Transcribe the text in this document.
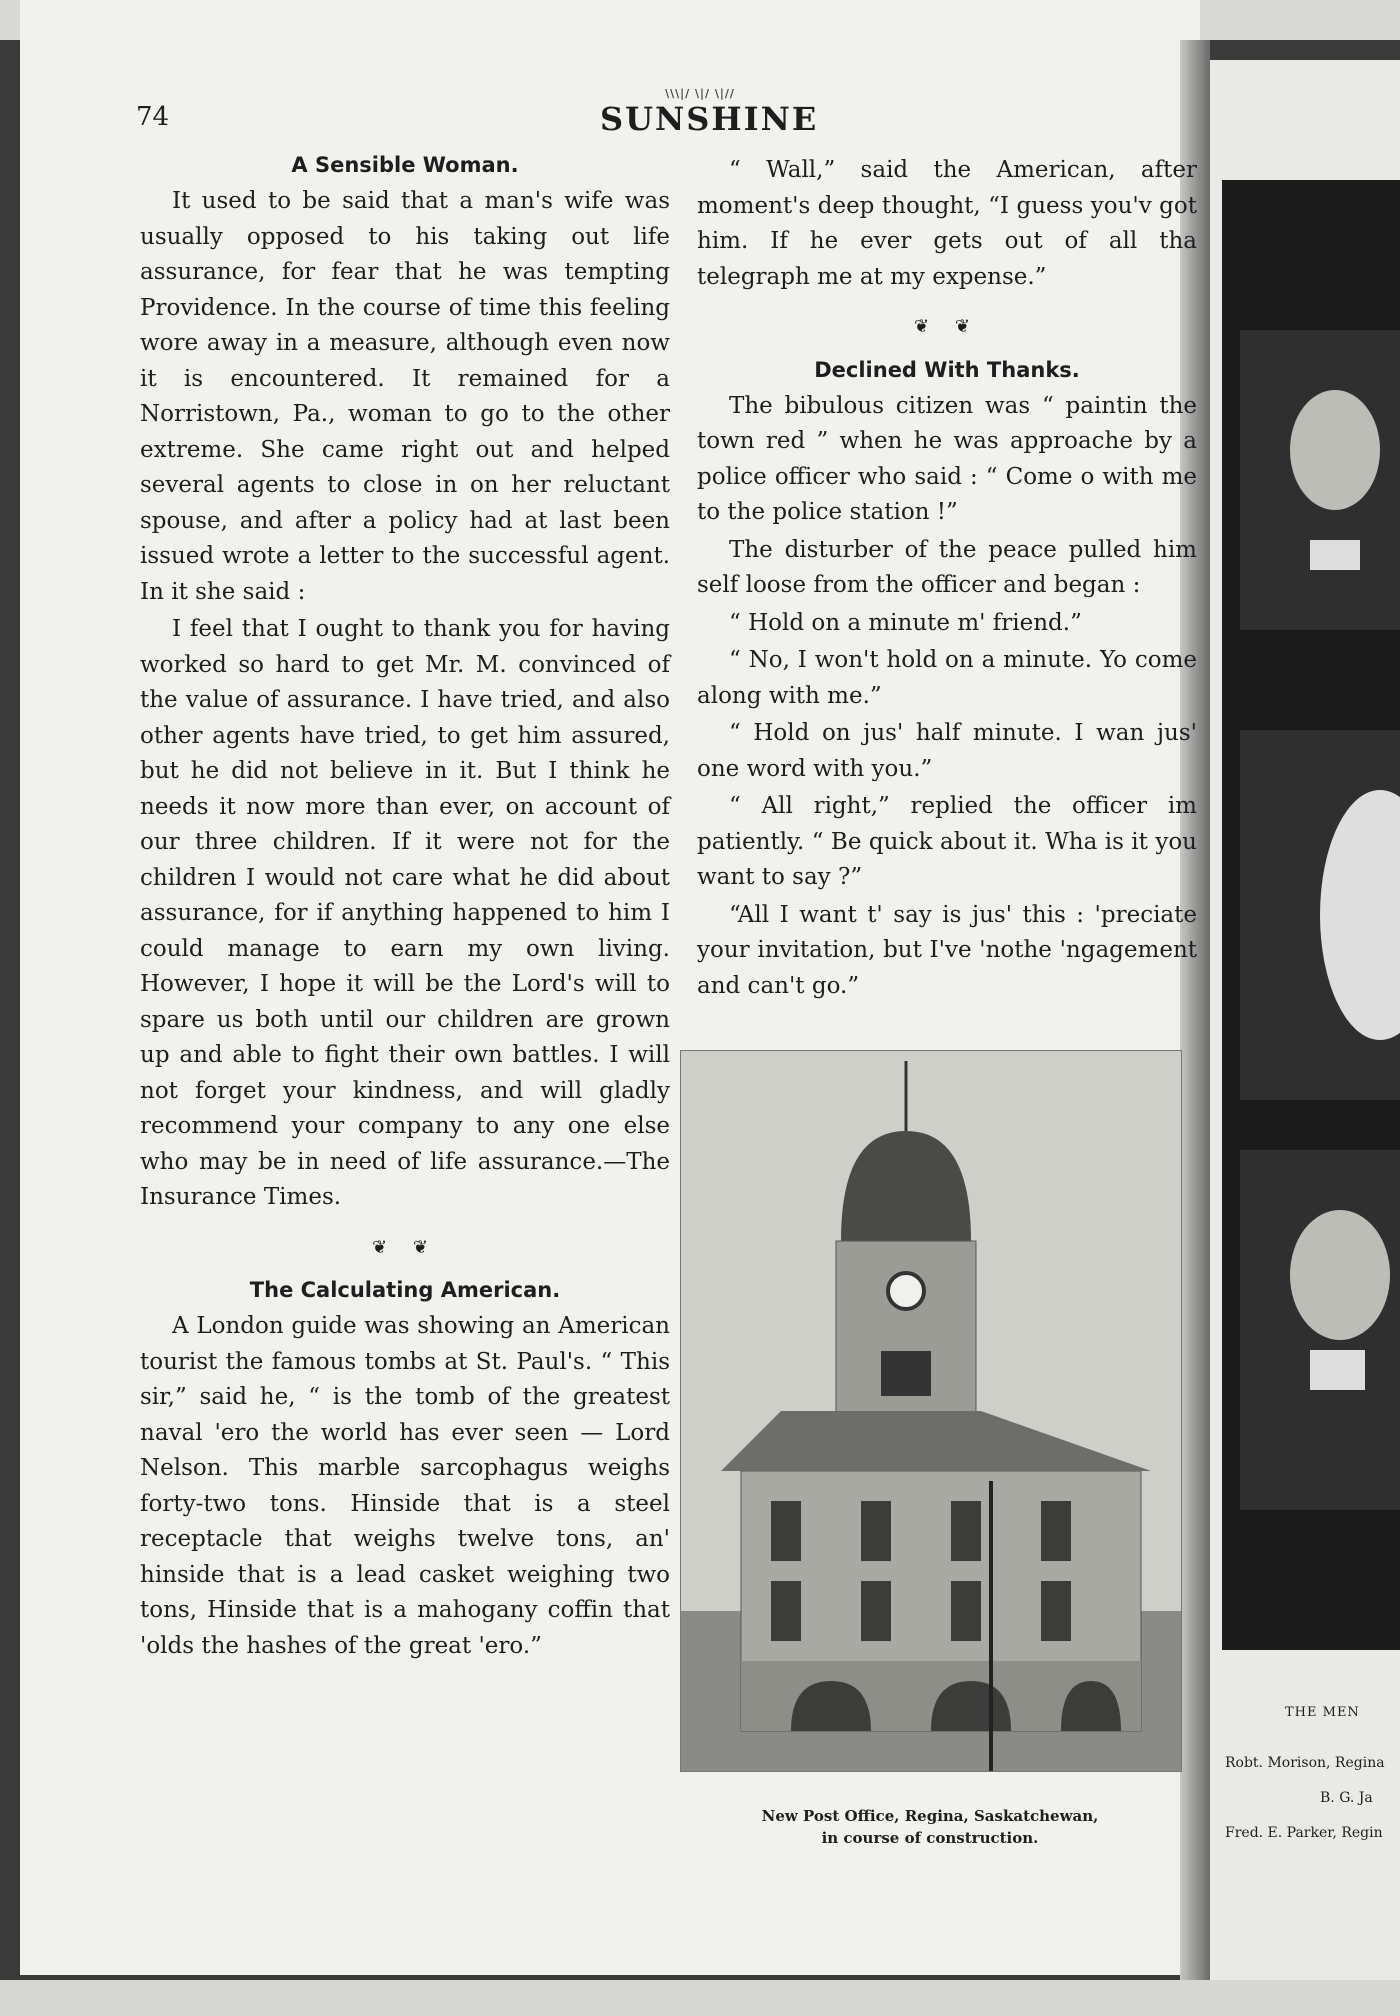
74
\\\|/ \|/ \|//
SUNSHINE
A Sensible Woman.

It used to be said that a man's wife was usually opposed to his taking out life assurance, for fear that he was tempting Providence. In the course of time this feeling wore away in a measure, although even now it is encountered. It remained for a Norristown, Pa., woman to go to the other extreme. She came right out and helped several agents to close in on her reluctant spouse, and after a policy had at last been issued wrote a letter to the successful agent. In it she said :

I feel that I ought to thank you for having worked so hard to get Mr. M. convinced of the value of assurance. I have tried, and also other agents have tried, to get him assured, but he did not believe in it. But I think he needs it now more than ever, on account of our three children. If it were not for the children I would not care what he did about assurance, for if anything happened to him I could manage to earn my own living. However, I hope it will be the Lord's will to spare us both until our children are grown up and able to fight their own battles. I will not forget your kindness, and will gladly recommend your company to any one else who may be in need of life assurance.—The Insurance Times.

❦ ❦
The Calculating American.

A London guide was showing an American tourist the famous tombs at St. Paul's. “ This sir,” said he, “ is the tomb of the greatest naval 'ero the world has ever seen — Lord Nelson. This marble sarcophagus weighs forty-two tons. Hinside that is a steel receptacle that weighs twelve tons, an' hinside that is a lead casket weighing two tons, Hinside that is a mahogany coffin that 'olds the hashes of the great 'ero.”

“ Wall,” said the American, after moment's deep thought, “I guess you'v got him. If he ever gets out of all tha telegraph me at my expense.”

❦ ❦
Declined With Thanks.

The bibulous citizen was “ paintin the town red ” when he was approache by a police officer who said : “ Come o with me to the police station !”

The disturber of the peace pulled him self loose from the officer and began :

“ Hold on a minute m' friend.”

“ No, I won't hold on a minute. Yo come along with me.”

“ Hold on jus' half minute. I wan jus' one word with you.”

“ All right,” replied the officer im patiently. “ Be quick about it. Wha is it you want to say ?”

“All I want t' say is jus' this : 'preciate your invitation, but I've 'nothe 'ngagement and can't go.”

New Post Office, Regina, Saskatchewan,
in course of construction.
THE MEN
Robt. Morison, Regina
B. G. Ja
Fred. E. Parker, Regin
